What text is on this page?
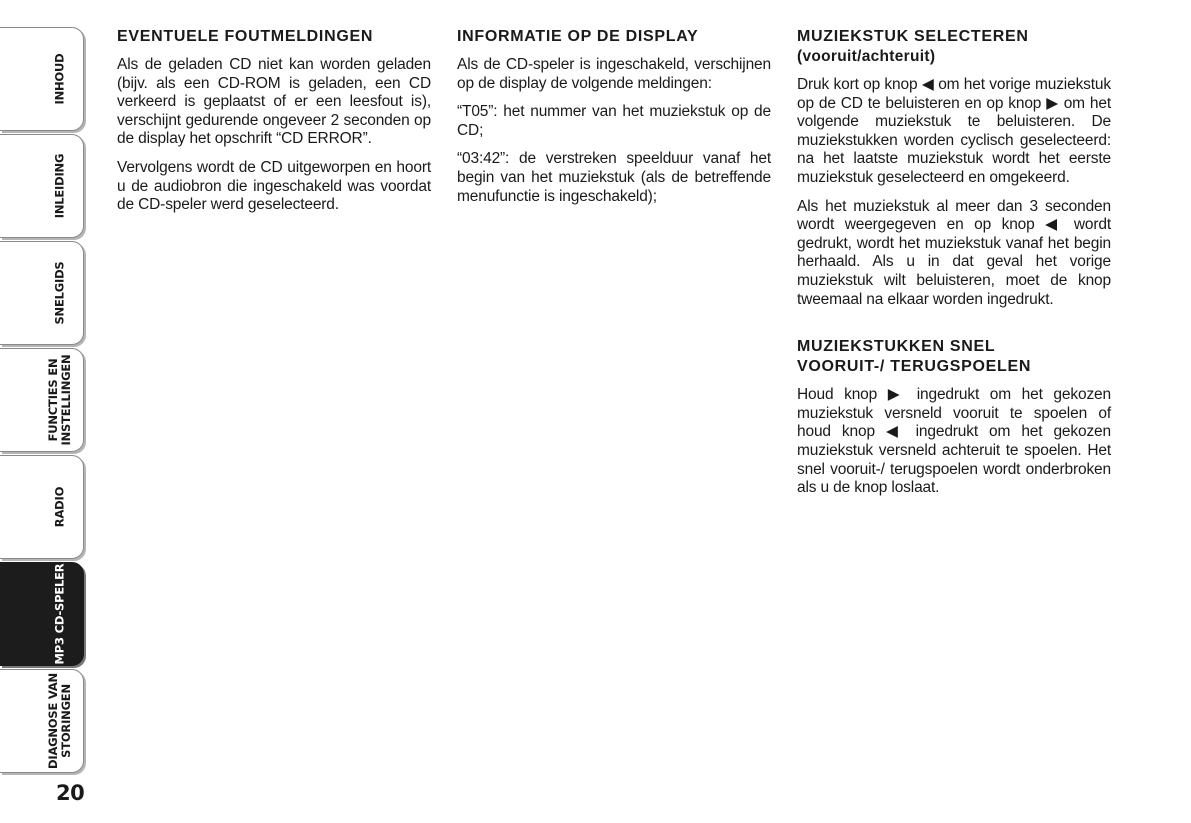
INHOUD
INLEIDING
SNELGIDS
FUNCTIES EN
INSTELLINGEN
RADIO
MP3 CD-SPELER
DIAGNOSE VAN
STORINGEN
20
EVENTUELE FOUTMELDINGEN

Als de geladen CD niet kan worden geladen (bijv. als een CD-ROM is geladen, een CD verkeerd is geplaatst of er een leesfout is), verschijnt gedurende ongeveer 2 seconden op de display het opschrift “CD ERROR”.

Vervolgens wordt de CD uitgeworpen en hoort u de audiobron die ingeschakeld was voordat de CD-speler werd geselecteerd.

INFORMATIE OP DE DISPLAY

Als de CD-speler is ingeschakeld, verschijnen op de display de volgende meldingen:

“T05”: het nummer van het muziekstuk op de CD;

“03:42”: de verstreken speelduur vanaf het begin van het muziekstuk (als de betreffende menufunctie is ingeschakeld);

MUZIEKSTUK SELECTEREN
(vooruit/achteruit)

Druk kort op knop ◀ om het vorige muziekstuk op de CD te beluisteren en op knop ▶ om het volgende muziekstuk te beluisteren. De muziekstukken worden cyclisch geselecteerd: na het laatste muziekstuk wordt het eerste muziekstuk geselecteerd en omgekeerd.

Als het muziekstuk al meer dan 3 seconden wordt weergegeven en op knop ◀ wordt gedrukt, wordt het muziekstuk vanaf het begin herhaald. Als u in dat geval het vorige muziekstuk wilt beluisteren, moet de knop tweemaal na elkaar worden ingedrukt.

MUZIEKSTUKKEN SNEL
VOORUIT-/ TERUGSPOELEN

Houd knop ▶ ingedrukt om het gekozen muziekstuk versneld vooruit te spoelen of houd knop ◀ ingedrukt om het gekozen muziekstuk versneld achteruit te spoelen. Het snel vooruit-/ terugspoelen wordt onderbroken als u de knop loslaat.
